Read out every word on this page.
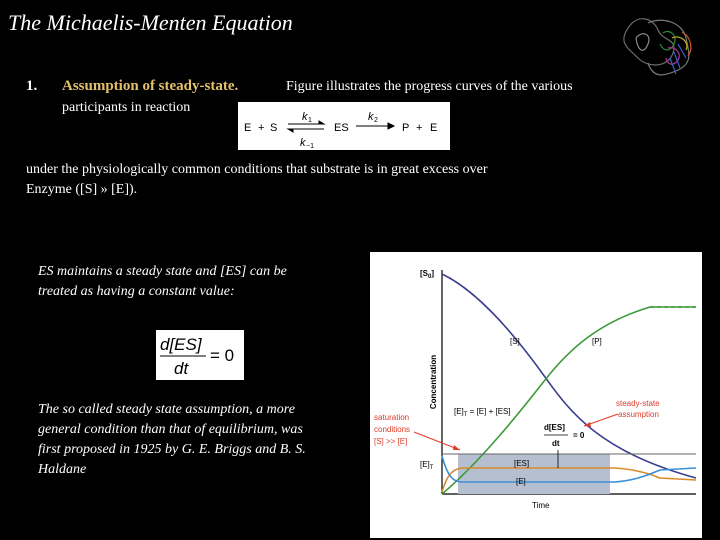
The Michaelis-Menten Equation
1. Assumption of steady-state.	Figure illustrates the progress curves of the various
participants in reaction
E + S
k 1
k −1
ES
k 2
P + E
under the physiologically common conditions that substrate is in great excess over
Enzyme ([S] » [E]).
ES maintains a steady state and [ES] can be
treated as having a constant value:
d[ES]
dt
= 0
The so called steady state assumption, a more
general condition than that of equilibrium, was
first proposed in 1925 by G. E. Briggs and B. S.
Haldane
$[S_0]$
[S]	[P]
$[E]_T = [E] + [ES]$
$[E]_T$	[ES]
[E]
Time
Concentration	steady-state
assumption
d[ES]
dt
= 0
saturation
conditions
[S] >> [E]
